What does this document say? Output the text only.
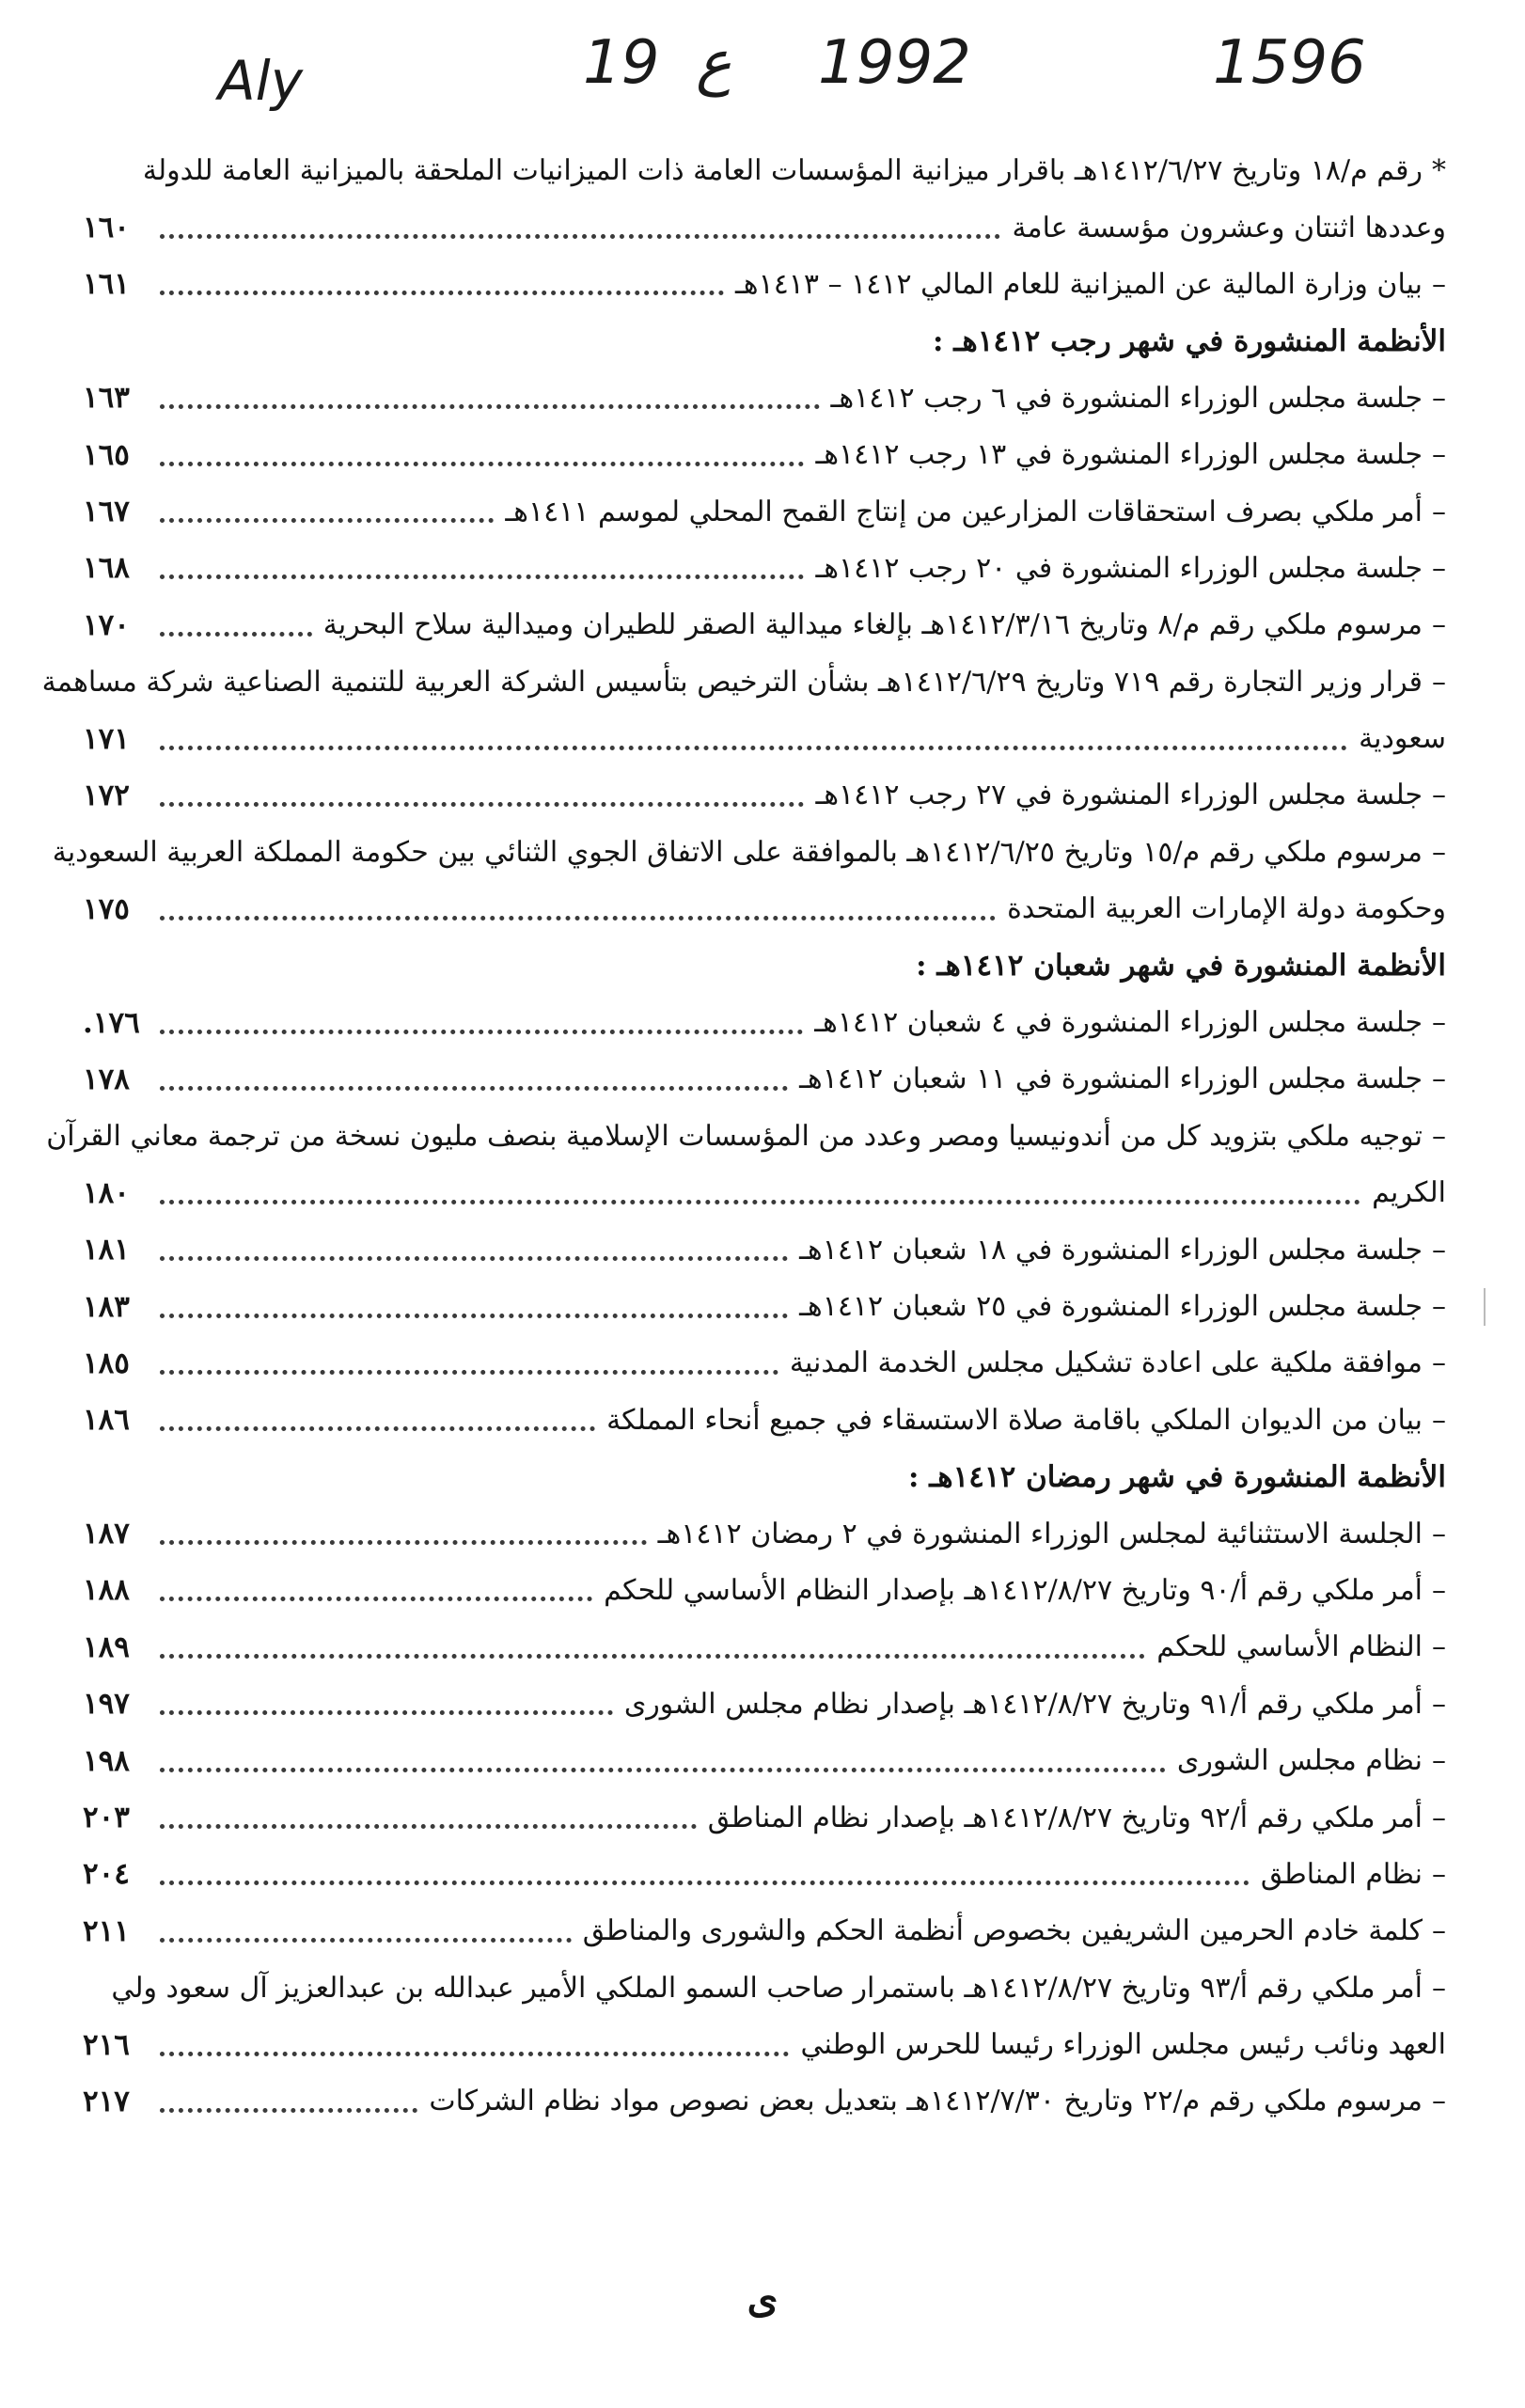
Aly	19 ع 1992	1596
*
رقم م/١٨ وتاريخ ١٤١٢/٦/٢٧هـ باقرار ميزانية المؤسسات العامة ذات الميزانيات الملحقة بالميزانية العامة للدولة
وعددها اثنتان وعشرون مؤسسة عامة
١٦٠
–
بيان وزارة المالية عن الميزانية للعام المالي ١٤١٢ – ١٤١٣هـ
١٦١
الأنظمة المنشورة في شهر رجب ١٤١٢هـ :
–
جلسة مجلس الوزراء المنشورة في ٦ رجب ١٤١٢هـ
١٦٣
–
جلسة مجلس الوزراء المنشورة في ١٣ رجب ١٤١٢هـ
١٦٥
–
أمر ملكي بصرف استحقاقات المزارعين من إنتاج القمح المحلي لموسم ١٤١١هـ
١٦٧
–
جلسة مجلس الوزراء المنشورة في ٢٠ رجب ١٤١٢هـ
١٦٨
–
مرسوم ملكي رقم م/٨ وتاريخ ١٤١٢/٣/١٦هـ بإلغاء ميدالية الصقر للطيران وميدالية سلاح البحرية
١٧٠
–
قرار وزير التجارة رقم ٧١٩ وتاريخ ١٤١٢/٦/٢٩هـ بشأن الترخيص بتأسيس الشركة العربية للتنمية الصناعية شركة مساهمة
سعودية
١٧١
–
جلسة مجلس الوزراء المنشورة في ٢٧ رجب ١٤١٢هـ
١٧٢
–
مرسوم ملكي رقم م/١٥ وتاريخ ١٤١٢/٦/٢٥هـ بالموافقة على الاتفاق الجوي الثنائي بين حكومة المملكة العربية السعودية
وحكومة دولة الإمارات العربية المتحدة
١٧٥
الأنظمة المنشورة في شهر شعبان ١٤١٢هـ :
–
جلسة مجلس الوزراء المنشورة في ٤ شعبان ١٤١٢هـ
١٧٦.
–
جلسة مجلس الوزراء المنشورة في ١١ شعبان ١٤١٢هـ
١٧٨
–
توجيه ملكي بتزويد كل من أندونيسيا ومصر وعدد من المؤسسات الإسلامية بنصف مليون نسخة من ترجمة معاني القرآن
الكريم
١٨٠
–
جلسة مجلس الوزراء المنشورة في ١٨ شعبان ١٤١٢هـ
١٨١
–
جلسة مجلس الوزراء المنشورة في ٢٥ شعبان ١٤١٢هـ
١٨٣
–
موافقة ملكية على اعادة تشكيل مجلس الخدمة المدنية
١٨٥
–
بيان من الديوان الملكي باقامة صلاة الاستسقاء في جميع أنحاء المملكة
١٨٦
الأنظمة المنشورة في شهر رمضان ١٤١٢هـ :
–
الجلسة الاستثنائية لمجلس الوزراء المنشورة في ٢ رمضان ١٤١٢هـ
١٨٧
–
أمر ملكي رقم أ/٩٠ وتاريخ ١٤١٢/٨/٢٧هـ بإصدار النظام الأساسي للحكم
١٨٨
–
النظام الأساسي للحكم
١٨٩
–
أمر ملكي رقم أ/٩١ وتاريخ ١٤١٢/٨/٢٧هـ بإصدار نظام مجلس الشورى
١٩٧
–
نظام مجلس الشورى
١٩٨
–
أمر ملكي رقم أ/٩٢ وتاريخ ١٤١٢/٨/٢٧هـ بإصدار نظام المناطق
٢٠٣
–
نظام المناطق
٢٠٤
–
كلمة خادم الحرمين الشريفين بخصوص أنظمة الحكم والشورى والمناطق
٢١١
–
أمر ملكي رقم أ/٩٣ وتاريخ ١٤١٢/٨/٢٧هـ باستمرار صاحب السمو الملكي الأمير عبدالله بن عبدالعزيز آل سعود ولي
العهد ونائب رئيس مجلس الوزراء رئيسا للحرس الوطني
٢١٦
–
مرسوم ملكي رقم م/٢٢ وتاريخ ١٤١٢/٧/٣٠هـ بتعديل بعض نصوص مواد نظام الشركات
٢١٧
ى
